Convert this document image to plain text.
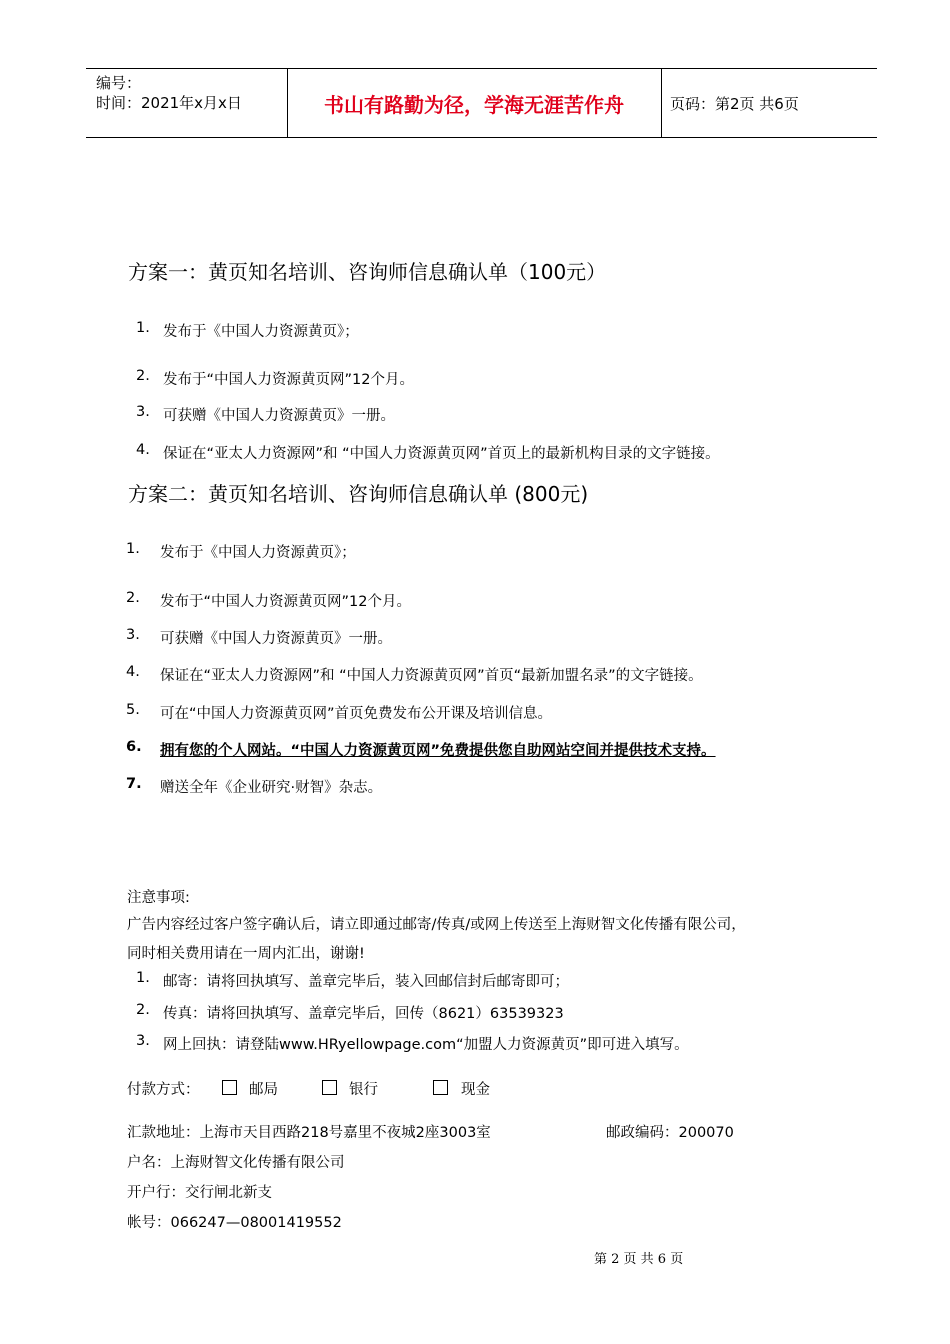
编号：
时间：2021年x月x日	书山有路勤为径，学海无涯苦作舟	页码：第2页 共6页
方案一：黄页知名培训、咨询师信息确认单（100元）
1. 发布于《中国人力资源黄页》；
2. 发布于“中国人力资源黄页网”12个月。
3. 可获赠《中国人力资源黄页》一册。
4. 保证在“亚太人力资源网”和 “中国人力资源黄页网”首页上的最新机构目录的文字链接。
方案二：黄页知名培训、咨询师信息确认单 (800元)
1. 发布于《中国人力资源黄页》；
2. 发布于“中国人力资源黄页网”12个月。
3. 可获赠《中国人力资源黄页》一册。
4. 保证在“亚太人力资源网”和 “中国人力资源黄页网”首页“最新加盟名录”的文字链接。
5. 可在“中国人力资源黄页网”首页免费发布公开课及培训信息。
6. 拥有您的个人网站。“中国人力资源黄页网”免费提供您自助网站空间并提供技术支持。
7. 赠送全年《企业研究·财智》杂志。
注意事项:
广告内容经过客户签字确认后，请立即通过邮寄/传真/或网上传送至上海财智文化传播有限公司，
同时相关费用请在一周内汇出，谢谢!
1. 邮寄：请将回执填写、盖章完毕后，装入回邮信封后邮寄即可；
2. 传真：请将回执填写、盖章完毕后，回传（8621）63539323
3. 网上回执：请登陆www.HRyellowpage.com“加盟人力资源黄页”即可进入填写。
付款方式：	邮局	银行	现金
汇款地址：上海市天目西路218号嘉里不夜城2座3003室	邮政编码：200070
户名：上海财智文化传播有限公司
开户行：交行闸北新支
帐号：066247—08001419552
第 2 页 共 6 页
